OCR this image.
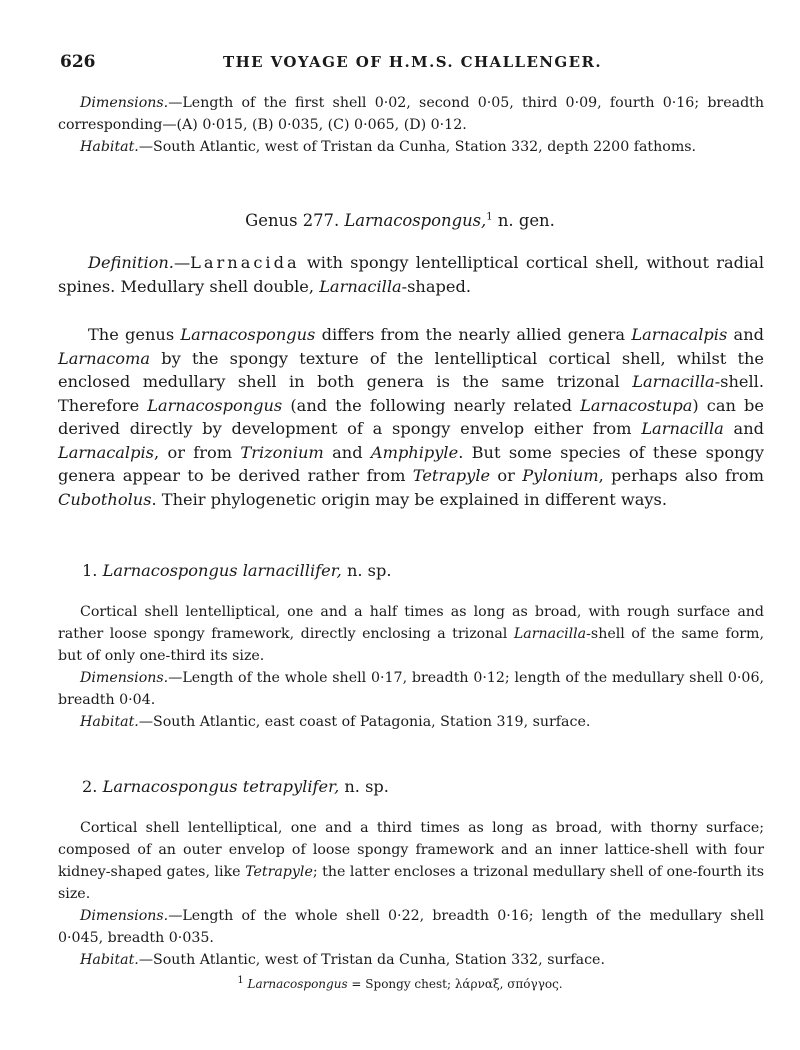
626	THE VOYAGE OF H.M.S. CHALLENGER.

Dimensions.—Length of the first shell 0·02, second 0·05, third 0·09, fourth 0·16; breadth corresponding—(A) 0·015, (B) 0·035, (C) 0·065, (D) 0·12.

Habitat.—South Atlantic, west of Tristan da Cunha, Station 332, depth 2200 fathoms.

Genus 277. Larnacospongus,$^1$ n. gen.

Definition.—Larnacida with spongy lentelliptical cortical shell, without radial spines. Medullary shell double, Larnacilla-shaped.

The genus Larnacospongus differs from the nearly allied genera Larnacalpis and Larnacoma by the spongy texture of the lentelliptical cortical shell, whilst the enclosed medullary shell in both genera is the same trizonal Larnacilla-shell. Therefore Larnacospongus (and the following nearly related Larnacostupa) can be derived directly by development of a spongy envelop either from Larnacilla and Larnacalpis, or from Trizonium and Amphipyle. But some species of these spongy genera appear to be derived rather from Tetrapyle or Pylonium, perhaps also from Cubotholus. Their phylogenetic origin may be explained in different ways.

1. Larnacospongus larnacillifer, n. sp.

Cortical shell lentelliptical, one and a half times as long as broad, with rough surface and rather loose spongy framework, directly enclosing a trizonal Larnacilla-shell of the same form, but of only one-third its size.

Dimensions.—Length of the whole shell 0·17, breadth 0·12; length of the medullary shell 0·06, breadth 0·04.

Habitat.—South Atlantic, east coast of Patagonia, Station 319, surface.

2. Larnacospongus tetrapylifer, n. sp.

Cortical shell lentelliptical, one and a third times as long as broad, with thorny surface; composed of an outer envelop of loose spongy framework and an inner lattice-shell with four kidney-shaped gates, like Tetrapyle; the latter encloses a trizonal medullary shell of one-fourth its size.

Dimensions.—Length of the whole shell 0·22, breadth 0·16; length of the medullary shell 0·045, breadth 0·035.

Habitat.—South Atlantic, west of Tristan da Cunha, Station 332, surface.

$^1$ Larnacospongus = Spongy chest; λάρναξ, σπόγγος.
